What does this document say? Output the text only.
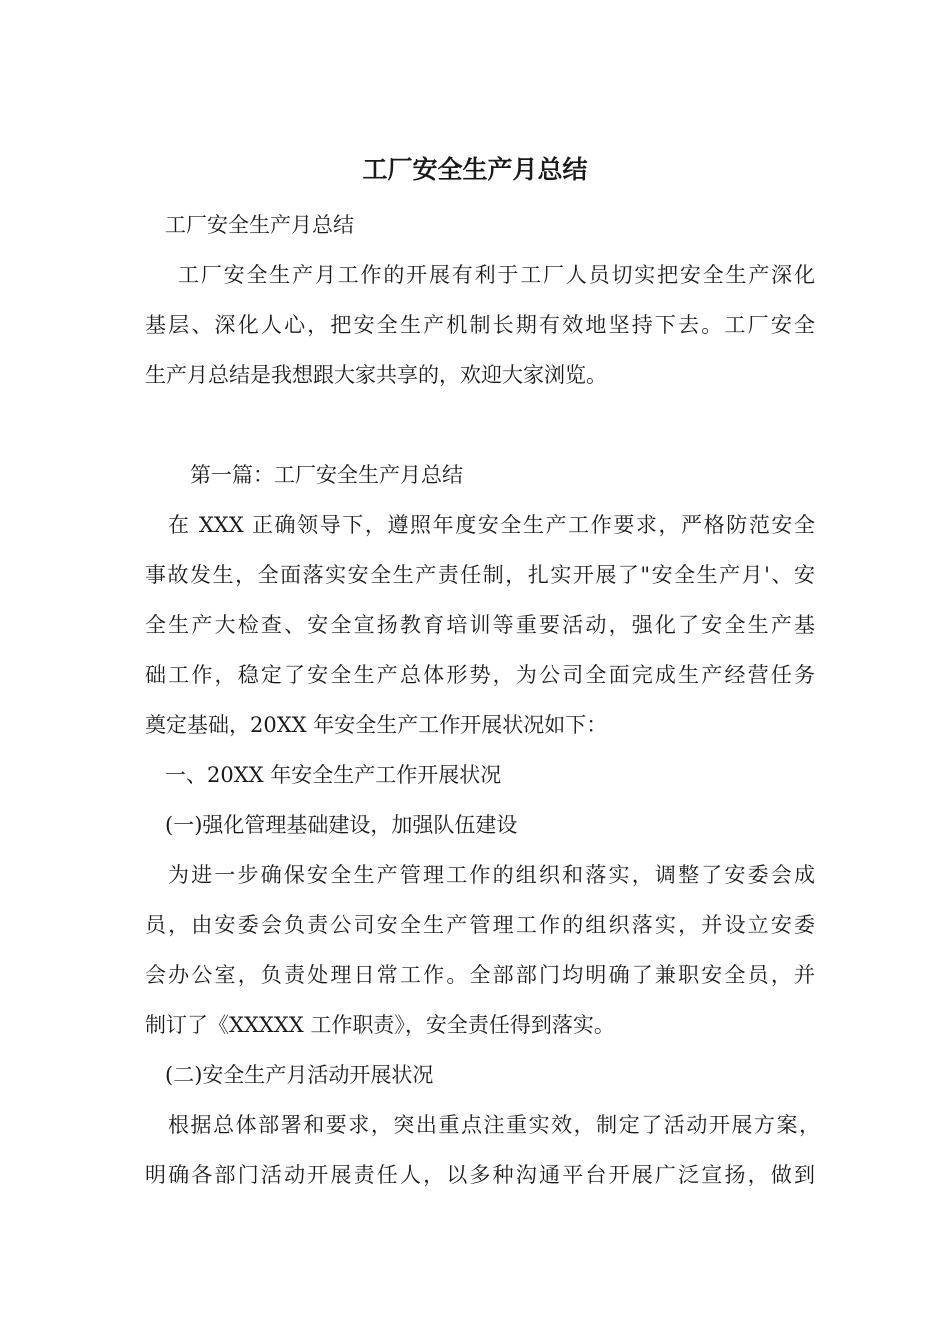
工厂安全生产月总结
工厂安全生产月总结
工厂安全生产月工作的开展有利于工厂人员切实把安全生产深化
基层、深化人心，把安全生产机制长期有效地坚持下去。工厂安全
生产月总结是我想跟大家共享的，欢迎大家浏览。
第一篇：工厂安全生产月总结
在 XXX 正确领导下，遵照年度安全生产工作要求，严格防范安全
事故发生，全面落实安全生产责任制，扎实开展了"安全生产月'、安
全生产大检查、安全宣扬教育培训等重要活动，强化了安全生产基
础工作，稳定了安全生产总体形势，为公司全面完成生产经营任务
奠定基础，20XX 年安全生产工作开展状况如下：
一、20XX 年安全生产工作开展状况
(一)强化管理基础建设，加强队伍建设
为进一步确保安全生产管理工作的组织和落实，调整了安委会成
员，由安委会负责公司安全生产管理工作的组织落实，并设立安委
会办公室，负责处理日常工作。全部部门均明确了兼职安全员，并
制订了《XXXXX 工作职责》，安全责任得到落实。
(二)安全生产月活动开展状况
根据总体部署和要求，突出重点注重实效，制定了活动开展方案，
明确各部门活动开展责任人，以多种沟通平台开展广泛宣扬，做到
